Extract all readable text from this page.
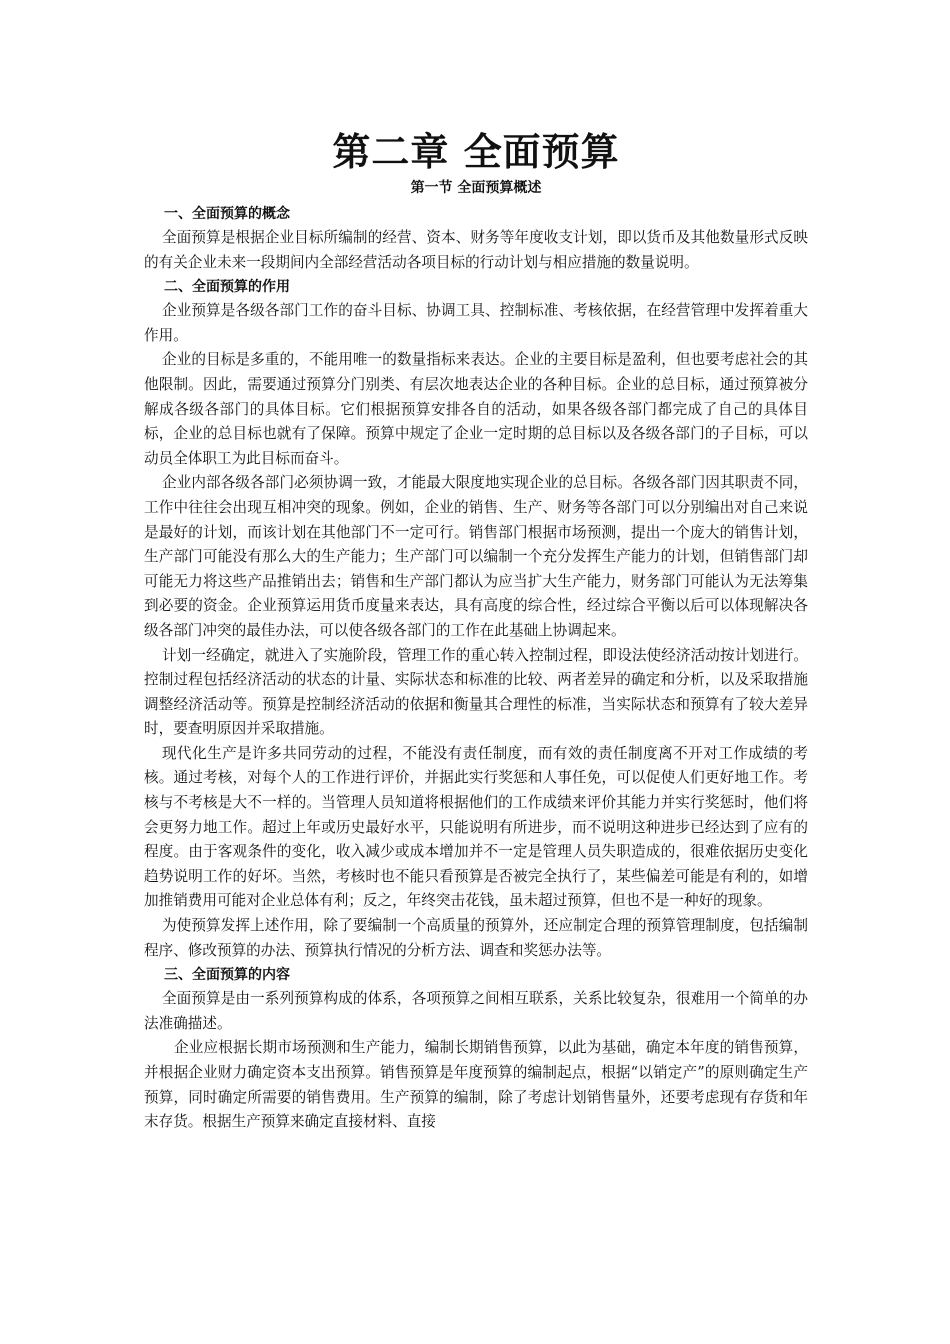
第二章 全面预算
第一节 全面预算概述
一、全面预算的概念

全面预算是根据企业目标所编制的经营、资本、财务等年度收支计划，即以货币及其他数量形式反映的有关企业未来一段期间内全部经营活动各项目标的行动计划与相应措施的数量说明。

二、全面预算的作用

企业预算是各级各部门工作的奋斗目标、协调工具、控制标准、考核依据，在经营管理中发挥着重大作用。

企业的目标是多重的，不能用唯一的数量指标来表达。企业的主要目标是盈利，但也要考虑社会的其他限制。因此，需要通过预算分门别类、有层次地表达企业的各种目标。企业的总目标，通过预算被分解成各级各部门的具体目标。它们根据预算安排各自的活动，如果各级各部门都完成了自己的具体目标，企业的总目标也就有了保障。预算中规定了企业一定时期的总目标以及各级各部门的子目标，可以动员全体职工为此目标而奋斗。

企业内部各级各部门必须协调一致，才能最大限度地实现企业的总目标。各级各部门因其职责不同，工作中往往会出现互相冲突的现象。例如，企业的销售、生产、财务等各部门可以分别编出对自己来说是最好的计划，而该计划在其他部门不一定可行。销售部门根据市场预测，提出一个庞大的销售计划，生产部门可能没有那么大的生产能力；生产部门可以编制一个充分发挥生产能力的计划，但销售部门却可能无力将这些产品推销出去；销售和生产部门都认为应当扩大生产能力，财务部门可能认为无法筹集到必要的资金。企业预算运用货币度量来表达，具有高度的综合性，经过综合平衡以后可以体现解决各级各部门冲突的最佳办法，可以使各级各部门的工作在此基础上协调起来。

计划一经确定，就进入了实施阶段，管理工作的重心转入控制过程，即设法使经济活动按计划进行。控制过程包括经济活动的状态的计量、实际状态和标准的比较、两者差异的确定和分析，以及采取措施调整经济活动等。预算是控制经济活动的依据和衡量其合理性的标准，当实际状态和预算有了较大差异时，要查明原因并采取措施。

现代化生产是许多共同劳动的过程，不能没有责任制度，而有效的责任制度离不开对工作成绩的考核。通过考核，对每个人的工作进行评价，并据此实行奖惩和人事任免，可以促使人们更好地工作。考核与不考核是大不一样的。当管理人员知道将根据他们的工作成绩来评价其能力并实行奖惩时，他们将会更努力地工作。超过上年或历史最好水平，只能说明有所进步，而不说明这种进步已经达到了应有的程度。由于客观条件的变化，收入减少或成本增加并不一定是管理人员失职造成的，很难依据历史变化趋势说明工作的好坏。当然，考核时也不能只看预算是否被完全执行了，某些偏差可能是有利的，如增加推销费用可能对企业总体有利；反之，年终突击花钱，虽未超过预算，但也不是一种好的现象。

为使预算发挥上述作用，除了要编制一个高质量的预算外，还应制定合理的预算管理制度，包括编制程序、修改预算的办法、预算执行情况的分析方法、调查和奖惩办法等。

三、全面预算的内容

全面预算是由一系列预算构成的体系，各项预算之间相互联系，关系比较复杂，很难用一个简单的办法准确描述。

企业应根据长期市场预测和生产能力，编制长期销售预算，以此为基础，确定本年度的销售预算，并根据企业财力确定资本支出预算。销售预算是年度预算的编制起点，根据“以销定产”的原则确定生产预算，同时确定所需要的销售费用。生产预算的编制，除了考虑计划销售量外，还要考虑现有存货和年末存货。根据生产预算来确定直接材料、直接
